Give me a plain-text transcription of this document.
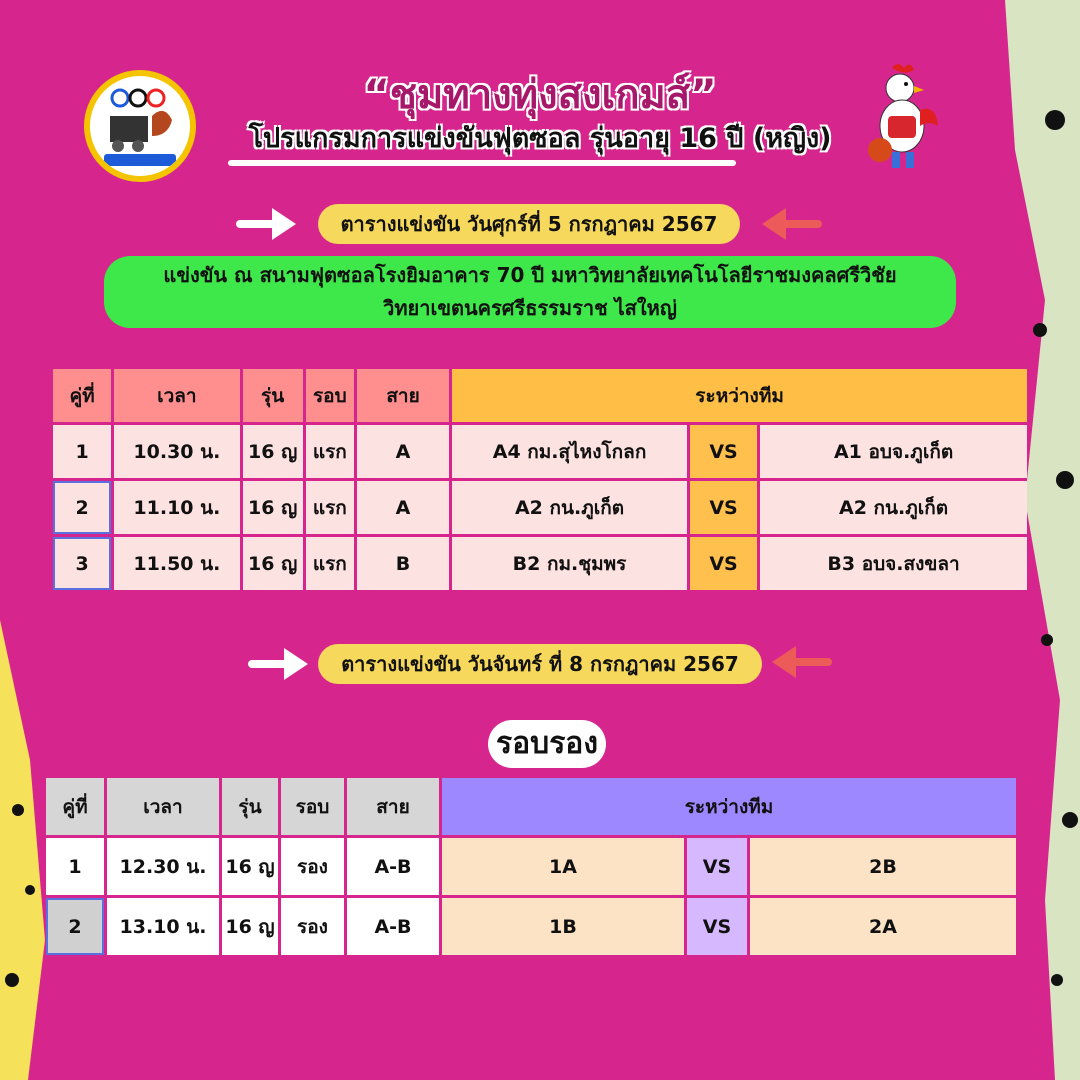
“ชุมทางทุ่งสงเกมส์”
โปรแกรมการแข่งขันฟุตซอล รุ่นอายุ 16 ปี (หญิง)
ตารางแข่งขัน วันศุกร์ที่ 5 กรกฎาคม 2567
แข่งขัน ณ สนามฟุตซอลโรงยิมอาคาร 70 ปี มหาวิทยาลัยเทคโนโลยีราชมงคลศรีวิชัย
วิทยาเขตนครศรีธรรมราช ไสใหญ่
คู่ที่	เวลา	รุ่น	รอบ	สาย	ระหว่างทีม		
1	10.30 น.	16 ญ	แรก	A	A4 กม.สุไหงโกลก	VS	A1 อบจ.ภูเก็ต
2	11.10 น.	16 ญ	แรก	A	A2 กน.ภูเก็ต	VS	A2 กน.ภูเก็ต
3	11.50 น.	16 ญ	แรก	B	B2 กม.ชุมพร	VS	B3 อบจ.สงขลา
ตารางแข่งขัน วันจันทร์ ที่ 8 กรกฎาคม 2567
รอบรอง
คู่ที่	เวลา	รุ่น	รอบ	สาย	ระหว่างทีม		
1	12.30 น.	16 ญ	รอง	A-B	1A	VS	2B
2	13.10 น.	16 ญ	รอง	A-B	1B	VS	2A
